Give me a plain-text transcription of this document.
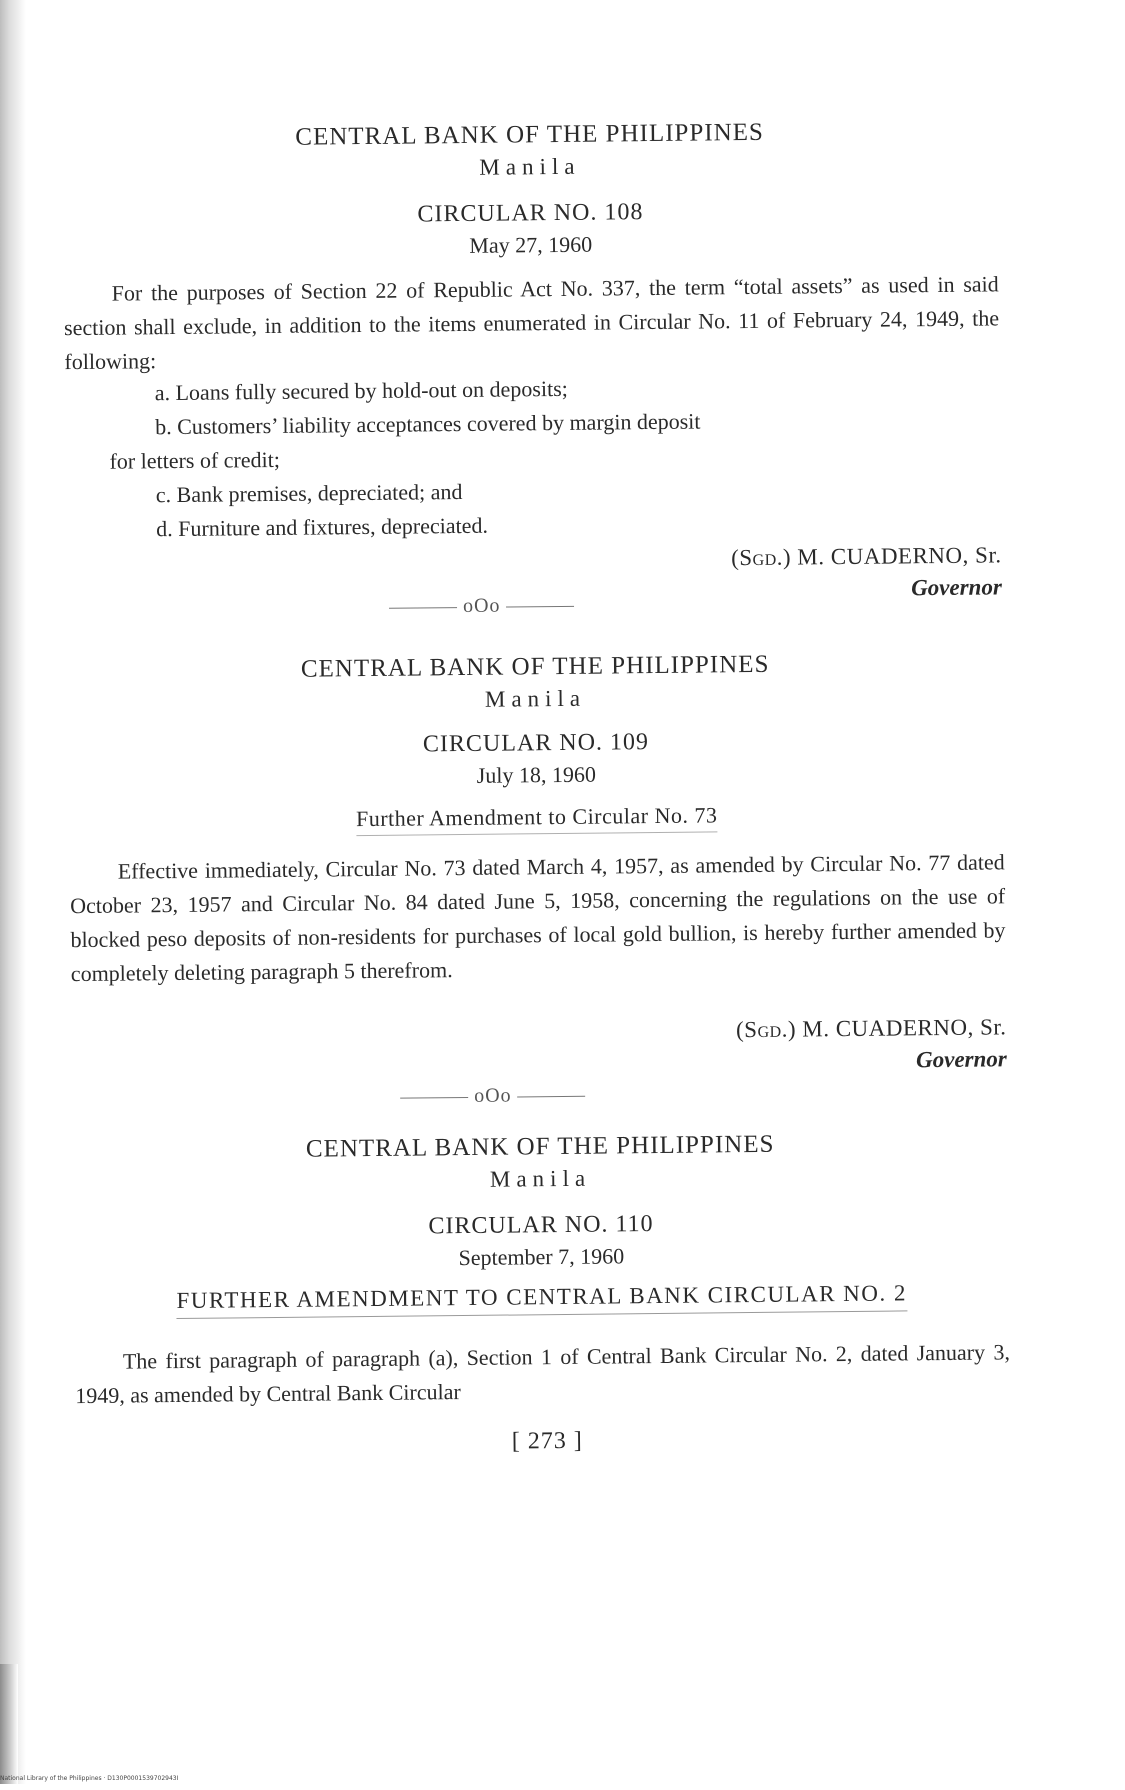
CENTRAL BANK OF THE PHILIPPINES
Manila
CIRCULAR NO. 108
May 27, 1960
For the purposes of Section 22 of Republic Act No. 337, the term “total assets” as used in said section shall exclude, in addition to the items enumerated in Circular No. 11 of February 24, 1949, the following:
a. Loans fully secured by hold-out on deposits;
b. Customers’ liability acceptances covered by margin deposit
for letters of credit;
c. Bank premises, depreciated; and
d. Furniture and fixtures, depreciated.
(Sgd.) M. CUADERNO, Sr.
Governor
oOo
CENTRAL BANK OF THE PHILIPPINES
Manila
CIRCULAR NO. 109
July 18, 1960
Further Amendment to Circular No. 73
Effective immediately, Circular No. 73 dated March 4, 1957, as amended by Circular No. 77 dated October 23, 1957 and Circular No. 84 dated June 5, 1958, concerning the regulations on the use of blocked peso deposits of non-residents for purchases of local gold bullion, is hereby further amended by completely deleting paragraph 5 therefrom.
(Sgd.) M. CUADERNO, Sr.
Governor
oOo
CENTRAL BANK OF THE PHILIPPINES
Manila
CIRCULAR NO. 110
September 7, 1960
FURTHER AMENDMENT TO CENTRAL BANK CIRCULAR NO. 2
The first paragraph of paragraph (a), Section 1 of Central Bank Circular No. 2, dated January 3, 1949, as amended by Central Bank Circular
[ 273 ]
National Library of the Philippines · D130P0001539702943I
